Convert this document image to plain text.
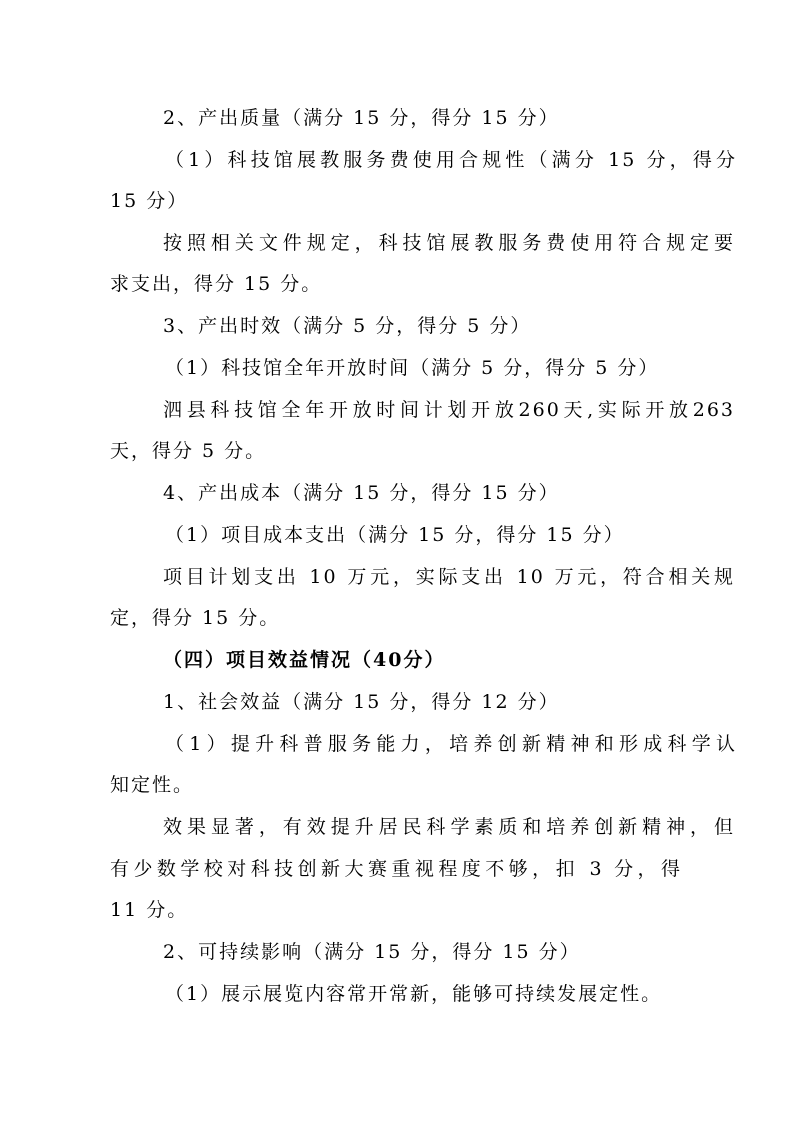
2、产出质量（满分 15 分，得分 15 分）
（1）科技馆展教服务费使用合规性（满分 15 分，得分
15 分）
按照相关文件规定，科技馆展教服务费使用符合规定要
求支出，得分 15 分。
3、产出时效（满分 5 分，得分 5 分）
（1）科技馆全年开放时间（满分 5 分，得分 5 分）
泗县科技馆全年开放时间计划开放260天,实际开放263
天，得分 5 分。
4、产出成本（满分 15 分，得分 15 分）
（1）项目成本支出（满分 15 分，得分 15 分）
项目计划支出 10 万元，实际支出 10 万元，符合相关规
定，得分 15 分。
（四）项目效益情况（40分）
1、社会效益（满分 15 分，得分 12 分）
（1）提升科普服务能力，培养创新精神和形成科学认
知定性。
效果显著，有效提升居民科学素质和培养创新精神，但
有少数学校对科技创新大赛重视程度不够，扣 3 分，得
11 分。
2、可持续影响（满分 15 分，得分 15 分）
（1）展示展览内容常开常新，能够可持续发展定性。
